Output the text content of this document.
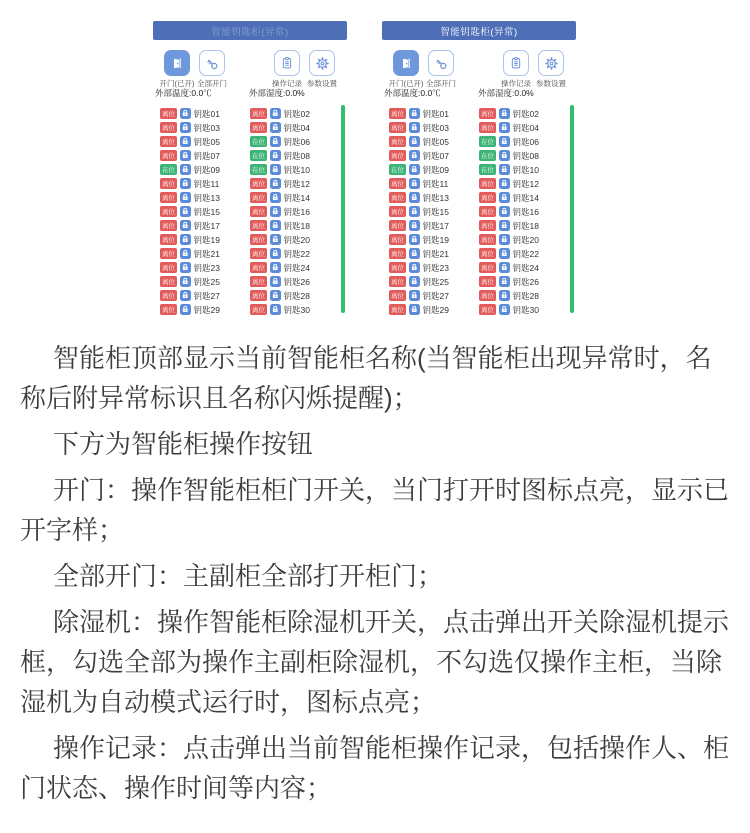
智能钥匙柜(异常)
开门(已开) 全部开门	操作记录 参数设置
外部温度:0.0℃	外部湿度:0.0%
离位 钥匙01	离位 钥匙02
离位 钥匙03	离位 钥匙04
离位 钥匙05	在位 钥匙06
离位 钥匙07	在位 钥匙08
在位 钥匙09	在位 钥匙10
离位 钥匙11	离位 钥匙12
离位 钥匙13	离位 钥匙14
离位 钥匙15	离位 钥匙16
离位 钥匙17	离位 钥匙18
离位 钥匙19	离位 钥匙20
离位 钥匙21	离位 钥匙22
离位 钥匙23	离位 钥匙24
离位 钥匙25	离位 钥匙26
离位 钥匙27	离位 钥匙28
离位 钥匙29	离位 钥匙30
智能钥匙柜(异常)
开门(已开) 全部开门	操作记录 参数设置
外部温度:0.0℃	外部湿度:0.0%
离位 钥匙01	离位 钥匙02
离位 钥匙03	离位 钥匙04
离位 钥匙05	在位 钥匙06
离位 钥匙07	在位 钥匙08
在位 钥匙09	在位 钥匙10
离位 钥匙11	离位 钥匙12
离位 钥匙13	离位 钥匙14
离位 钥匙15	离位 钥匙16
离位 钥匙17	离位 钥匙18
离位 钥匙19	离位 钥匙20
离位 钥匙21	离位 钥匙22
离位 钥匙23	离位 钥匙24
离位 钥匙25	离位 钥匙26
离位 钥匙27	离位 钥匙28
离位 钥匙29	离位 钥匙30

智能柜顶部显示当前智能柜名称(当智能柜出现异常时，名称后附异常标识且名称闪烁提醒)；

下方为智能柜操作按钮

开门：操作智能柜柜门开关，当门打开时图标点亮，显示已开字样；

全部开门：主副柜全部打开柜门；

除湿机：操作智能柜除湿机开关，点击弹出开关除湿机提示框，勾选全部为操作主副柜除湿机，不勾选仅操作主柜，当除湿机为自动模式运行时，图标点亮；

操作记录：点击弹出当前智能柜操作记录，包括操作人、柜门状态、操作时间等内容；
